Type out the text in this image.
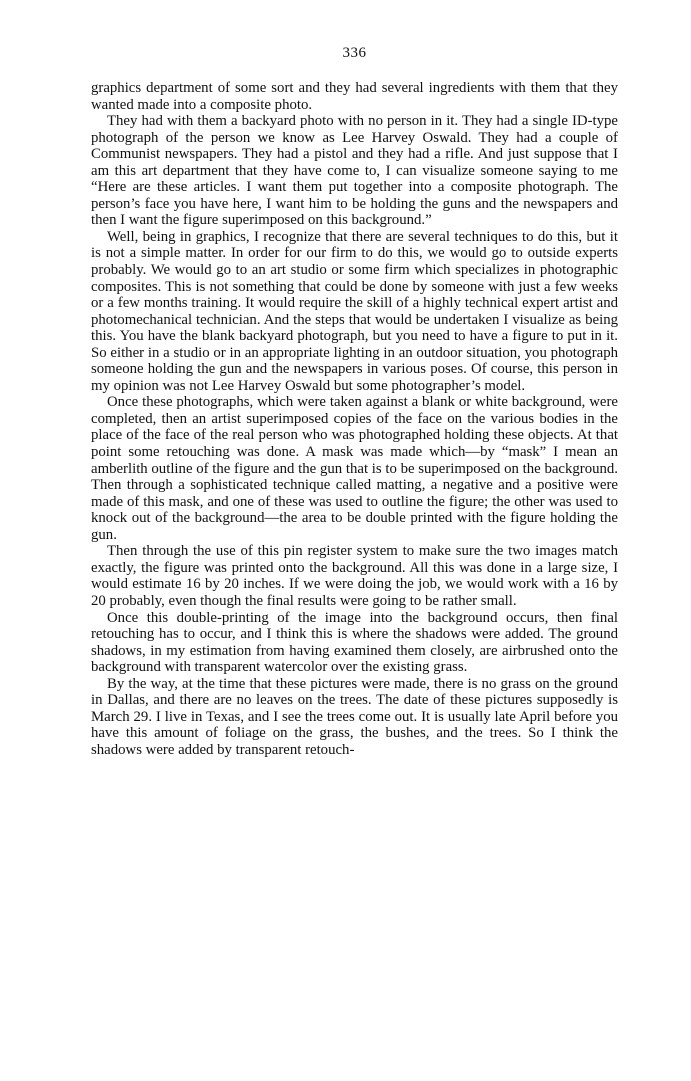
336

graphics department of some sort and they had several ingredients with them that they wanted made into a composite photo.

They had with them a backyard photo with no person in it. They had a single ID-type photograph of the person we know as Lee Harvey Oswald. They had a couple of Communist newspapers. They had a pistol and they had a rifle. And just suppose that I am this art department that they have come to, I can visualize someone saying to me “Here are these articles. I want them put together into a composite photograph. The person’s face you have here, I want him to be holding the guns and the newspapers and then I want the figure superimposed on this background.”

Well, being in graphics, I recognize that there are several techniques to do this, but it is not a simple matter. In order for our firm to do this, we would go to outside experts probably. We would go to an art studio or some firm which specializes in photographic composites. This is not something that could be done by someone with just a few weeks or a few months training. It would require the skill of a highly technical expert artist and photomechanical technician. And the steps that would be undertaken I visualize as being this. You have the blank backyard photograph, but you need to have a figure to put in it. So either in a studio or in an appropriate lighting in an outdoor situation, you photograph someone holding the gun and the newspapers in various poses. Of course, this person in my opinion was not Lee Harvey Oswald but some photographer’s model.

Once these photographs, which were taken against a blank or white background, were completed, then an artist superimposed copies of the face on the various bodies in the place of the face of the real person who was photographed holding these objects. At that point some retouching was done. A mask was made which—by “mask” I mean an amberlith outline of the figure and the gun that is to be superimposed on the background. Then through a sophisticated technique called matting, a negative and a positive were made of this mask, and one of these was used to outline the figure; the other was used to knock out of the background—the area to be double printed with the figure holding the gun.

Then through the use of this pin register system to make sure the two images match exactly, the figure was printed onto the background. All this was done in a large size, I would estimate 16 by 20 inches. If we were doing the job, we would work with a 16 by 20 probably, even though the final results were going to be rather small.

Once this double-printing of the image into the background occurs, then final retouching has to occur, and I think this is where the shadows were added. The ground shadows, in my estimation from having examined them closely, are airbrushed onto the background with transparent watercolor over the existing grass.

By the way, at the time that these pictures were made, there is no grass on the ground in Dallas, and there are no leaves on the trees. The date of these pictures supposedly is March 29. I live in Texas, and I see the trees come out. It is usually late April before you have this amount of foliage on the grass, the bushes, and the trees. So I think the shadows were added by transparent retouch-
